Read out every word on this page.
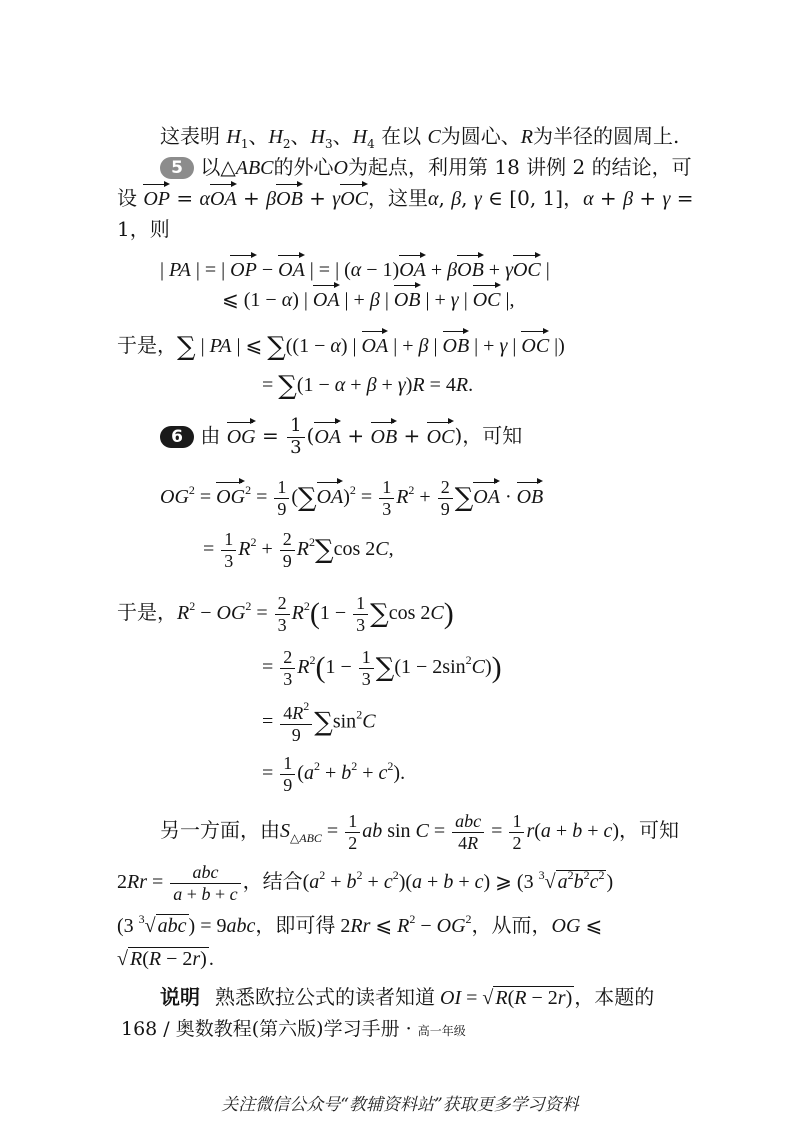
这表明 $H_1$、$H_2$、$H_3$、$H_4$ 在以 C为圆心、R为半径的圆周上.
5 以△ABC的外心O为起点，利用第 18 讲例 2 的结论，可
设 OP = αOA + βOB + γOC，这里α, β, γ ∈ [0, 1]，α + β + γ =
1，则
| PA | = | OP − OA | = | (α − 1)OA + βOB + γOC |
⩽ (1 − α) | OA | + β | OB | + γ | OC |,
于是，∑ | PA | ⩽ ∑((1 − α) | OA | + β | OB | + γ | OC |)
= ∑(1 − α + β + γ)R = 4R.
6 由 OG = $\frac{1}{3} (OA$ + OB + OC)，可知
$OG^2 = OG^2 = \frac{1}{9} (\sum OA)^2 = \frac{1}{3} R^2 + \frac{2}{9} \sum OA$ · OB
= $\frac{1}{3} R^2 + \frac{2}{9} R^2\sum\cos$ 2C,
于是，$R^2 - OG^2 = \frac{2}{3} R^2(1 - \frac{1}{3} \sum\cos$ 2C)
= $\frac{2}{3} R^2(1 - \frac{1}{3} \sum(1 - 2\sin^2C))$
= $\frac{4R^2}{9} \sum\sin^2C$
= $\frac{1}{9} (a^2 + b^2 + c^2)$.
另一方面，由$S_{\triangle ABC} = \frac{1}{2}$ ab $\sin C = \frac{\text{abc}}{4R} = \frac{1}{2} r(a + b + c)$，可知
$2Rr = \frac{\text{abc}}{a + b + c}$ ，结合$(a^2 + b^2 + c^2)(a + b + c)$ ⩾ (3 $^3$√ $a^2b^2c^2$ )
(3 $^3$√ abc ) = 9abc，即可得 2Rr ⩽ $R^2 - OG^2$，从而，OG ⩽
√ R(R − 2r) .
说明 熟悉欧拉公式的读者知道 OI = √ R(R − 2r) ，本题的
168 / 奥数教程(第六版)学习手册 · 高一年级
关注微信公众号“教辅资料站”获取更多学习资料
